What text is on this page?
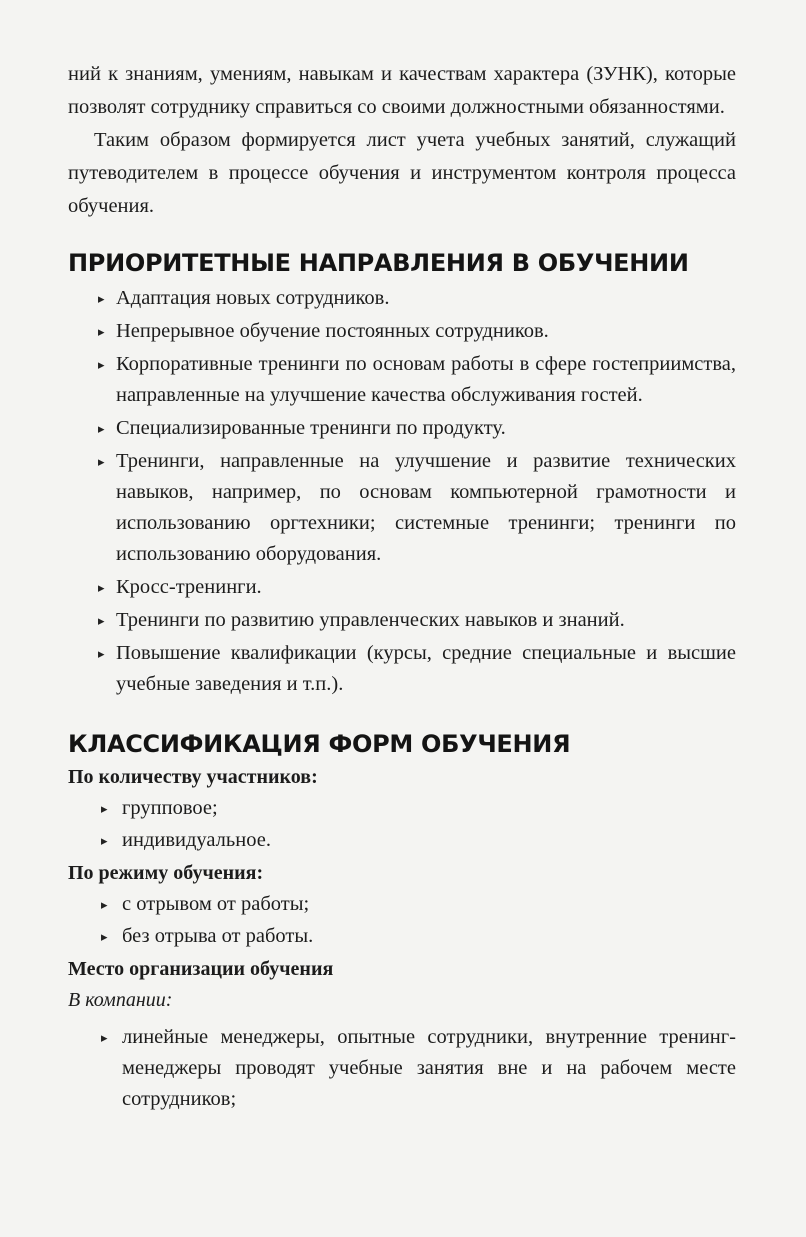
ний к знаниям, умениям, навыкам и качествам характера (ЗУНК), которые позволят сотруднику справиться со своими должностными обязанностями.

Таким образом формируется лист учета учебных занятий, служащий путеводителем в процессе обучения и инструментом контроля процесса обучения.

ПРИОРИТЕТНЫЕ НАПРАВЛЕНИЯ В ОБУЧЕНИИ
▸ Адаптация новых сотрудников.
▸ Непрерывное обучение постоянных сотрудников.
▸ Корпоративные тренинги по основам работы в сфере гостеприимства, направленные на улучшение качества обслуживания гостей.
▸ Специализированные тренинги по продукту.
▸ Тренинги, направленные на улучшение и развитие технических навыков, например, по основам компьютерной грамотности и использованию оргтехники; системные тренинги; тренинги по использованию оборудования.
▸ Кросс-тренинги.
▸ Тренинги по развитию управленческих навыков и знаний.
▸ Повышение квалификации (курсы, средние специальные и высшие учебные заведения и т.п.).
КЛАССИФИКАЦИЯ ФОРМ ОБУЧЕНИЯ
По количеству участников:
▸ групповое;
▸ индивидуальное.
По режиму обучения:
▸ с отрывом от работы;
▸ без отрыва от работы.
Место организации обучения
В компании:
▸ линейные менеджеры, опытные сотрудники, внутренние тренинг-менеджеры проводят учебные занятия вне и на рабочем месте сотрудников;
